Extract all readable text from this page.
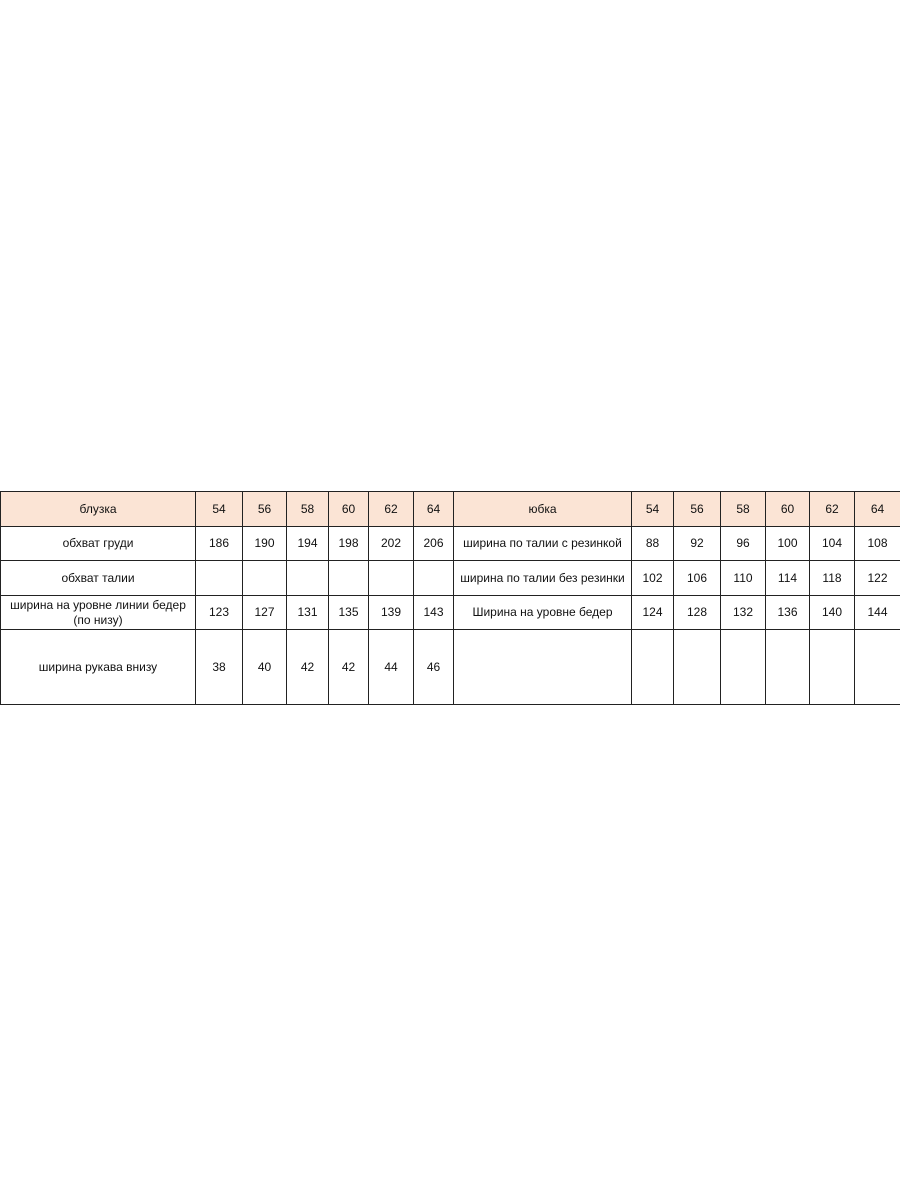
блузка	54	56	58	60	62	64	юбка	54	56	58	60	62	64
обхват груди	186	190	194	198	202	206	ширина по талии с резинкой	88	92	96	100	104	108
обхват талии							ширина по талии без резинки	102	106	110	114	118	122
ширина на уровне линии бедер (по низу)	123	127	131	135	139	143	Ширина на уровне бедер	124	128	132	136	140	144
ширина рукава внизу	38	40	42	42	44	46							
